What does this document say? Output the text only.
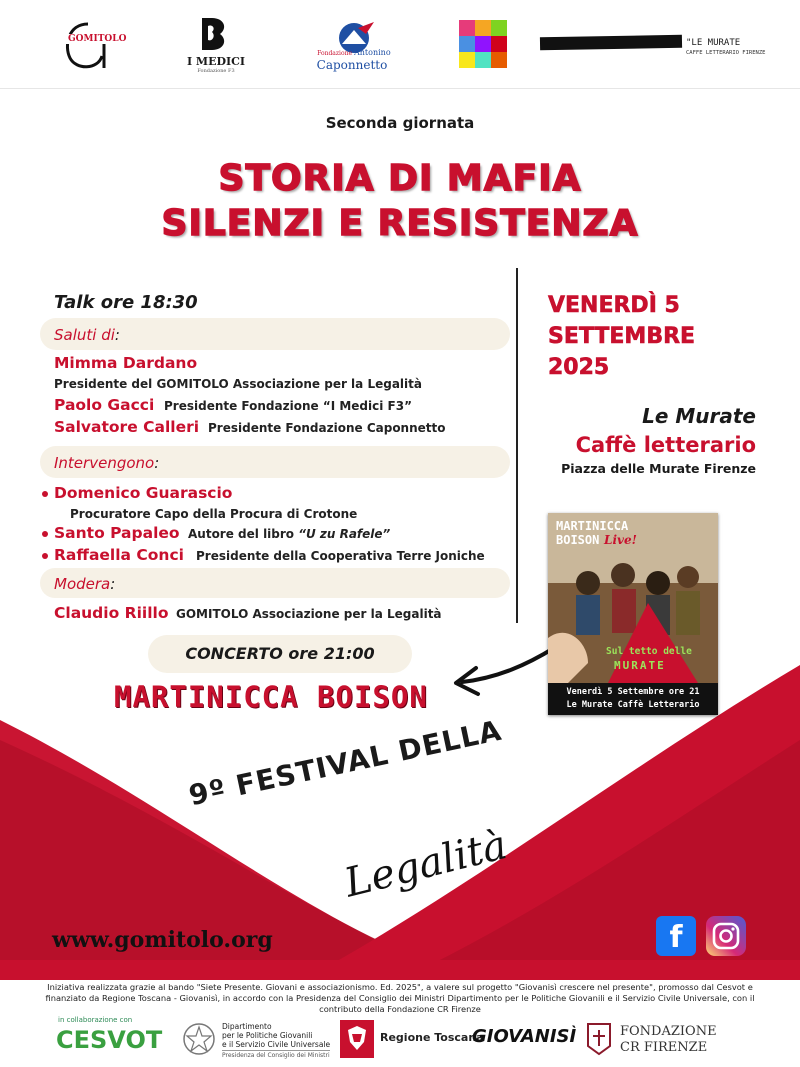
GOMITOLO
I MEDICI
Fondazione F3
Fondazione Antonino
Caponnetto
"LE MURATE
CAFFE LETTERARIO FIRENZE
Seconda giornata
STORIA DI MAFIA
SILENZI E RESISTENZA
Talk ore 18:30
Saluti di:
Mimma Dardano
Presidente del GOMITOLO Associazione per la Legalità
Paolo Gacci Presidente Fondazione “I Medici F3”
Salvatore Calleri Presidente Fondazione Caponnetto
Intervengono:
Domenico Guarascio
Procuratore Capo della Procura di Crotone
Santo Papaleo Autore del libro “U zu Rafele”
Raffaella Conci Presidente della Cooperativa Terre Joniche
Modera:
Claudio Riillo GOMITOLO Associazione per la Legalità
CONCERTO ore 21:00
MARTINICCA BOISON
VENERDÌ 5
SETTEMBRE
2025
Le Murate
Caffè letterario
Piazza delle Murate Firenze
MARTINICCA
BOISON Live!
Sul tetto delle
MURATE
Venerdì 5 Settembre ore 21
Le Murate Caffè Letterario
9º FESTIVAL DELLA
Legalità
www.gomitolo.org	f
Iniziativa realizzata grazie al bando "Siete Presente. Giovani e associazionismo. Ed. 2025", a valere sul progetto "Giovanisì crescere nel presente", promosso dal Cesvot e finanziato da Regione Toscana - Giovanisì, in accordo con la Presidenza del Consiglio dei Ministri Dipartimento per le Politiche Giovanili e il Servizio Civile Universale, con il contributo della Fondazione CR Firenze
in collaborazione con
CESVOT	Dipartimento
per le Politiche Giovanili
e il Servizio Civile Universale
Presidenza del Consiglio dei Ministri
Regione Toscana
GIOVANISÌ	FONDAZIONE
CR FIRENZE
